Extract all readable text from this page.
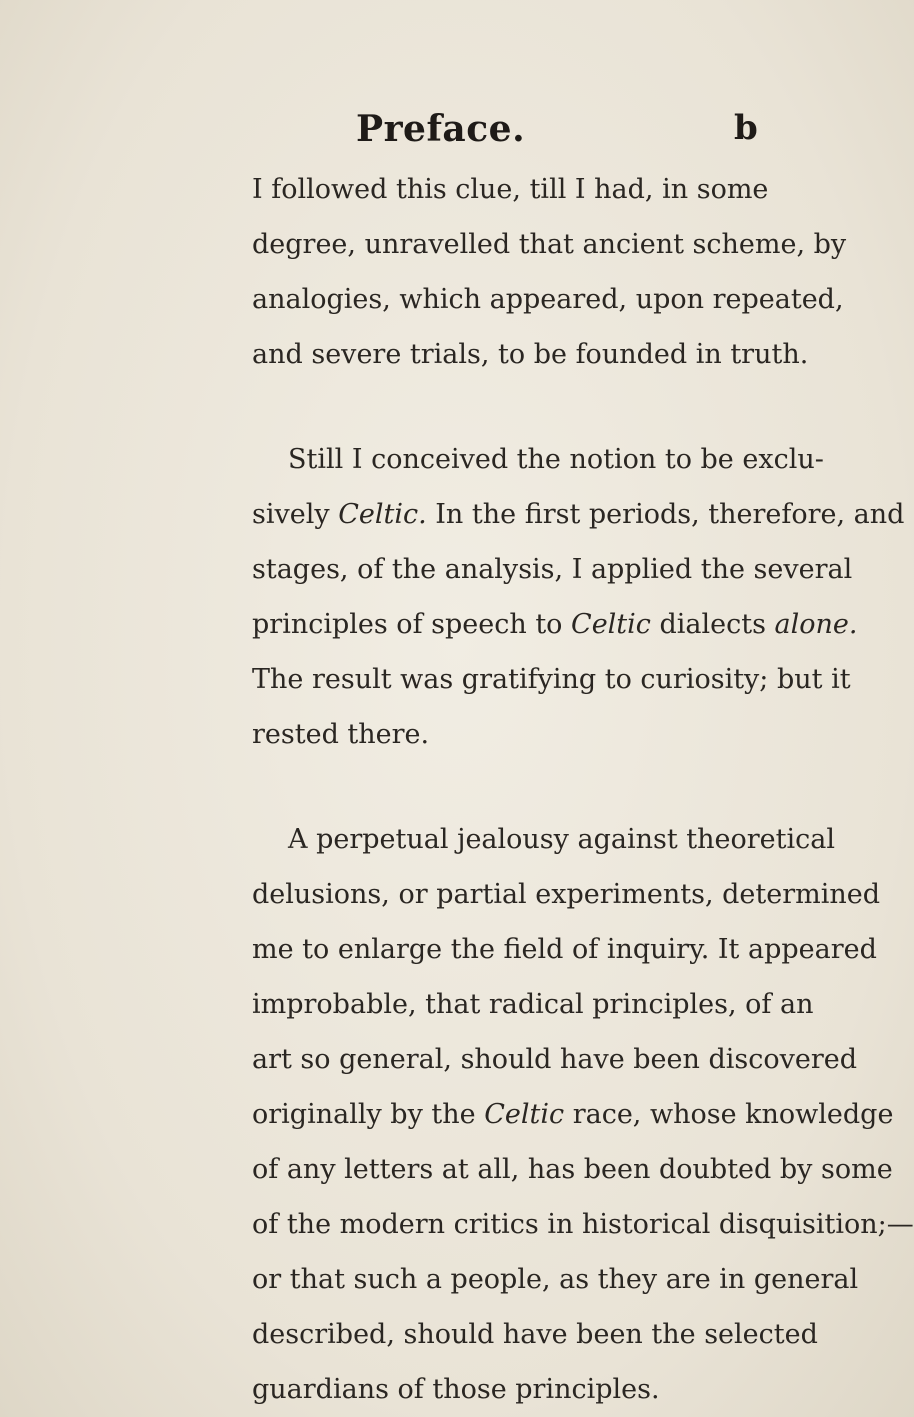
Preface.	b
I followed this clue, till I had, in some
degree, unravelled that ancient scheme, by
analogies, which appeared, upon repeated,
and severe trials, to be founded in truth.
Still I conceived the notion to be exclu-
sively Celtic. In the first periods, therefore, and
stages, of the analysis, I applied the several
principles of speech to Celtic dialects alone.
The result was gratifying to curiosity; but it
rested there.
A perpetual jealousy against theoretical
delusions, or partial experiments, determined
me to enlarge the field of inquiry. It appeared
improbable, that radical principles, of an
art so general, should have been discovered
originally by the Celtic race, whose knowledge
of any letters at all, has been doubted by some
of the modern critics in historical disquisition;—
or that such a people, as they are in general
described, should have been the selected
guardians of those principles.
